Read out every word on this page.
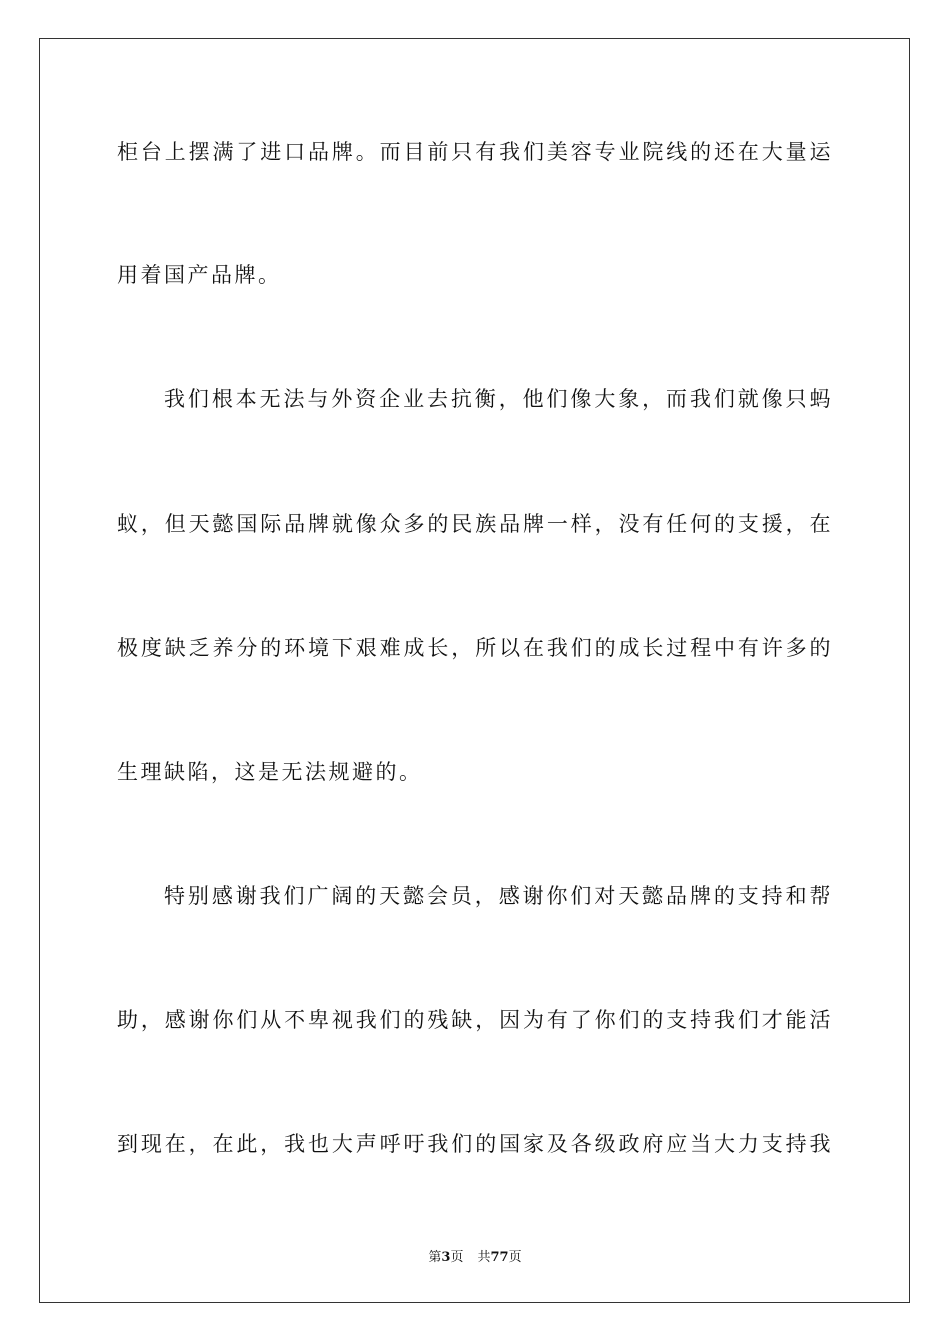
柜台上摆满了进口品牌。而目前只有我们美容专业院线的还在大量运
用着国产品牌。
我们根本无法与外资企业去抗衡，他们像大象，而我们就像只蚂
蚁，但天懿国际品牌就像众多的民族品牌一样，没有任何的支援，在
极度缺乏养分的环境下艰难成长，所以在我们的成长过程中有许多的
生理缺陷，这是无法规避的。
特别感谢我们广阔的天懿会员，感谢你们对天懿品牌的支持和帮
助，感谢你们从不卑视我们的残缺，因为有了你们的支持我们才能活
到现在，在此，我也大声呼吁我们的国家及各级政府应当大力支持我
第3页 共77页
